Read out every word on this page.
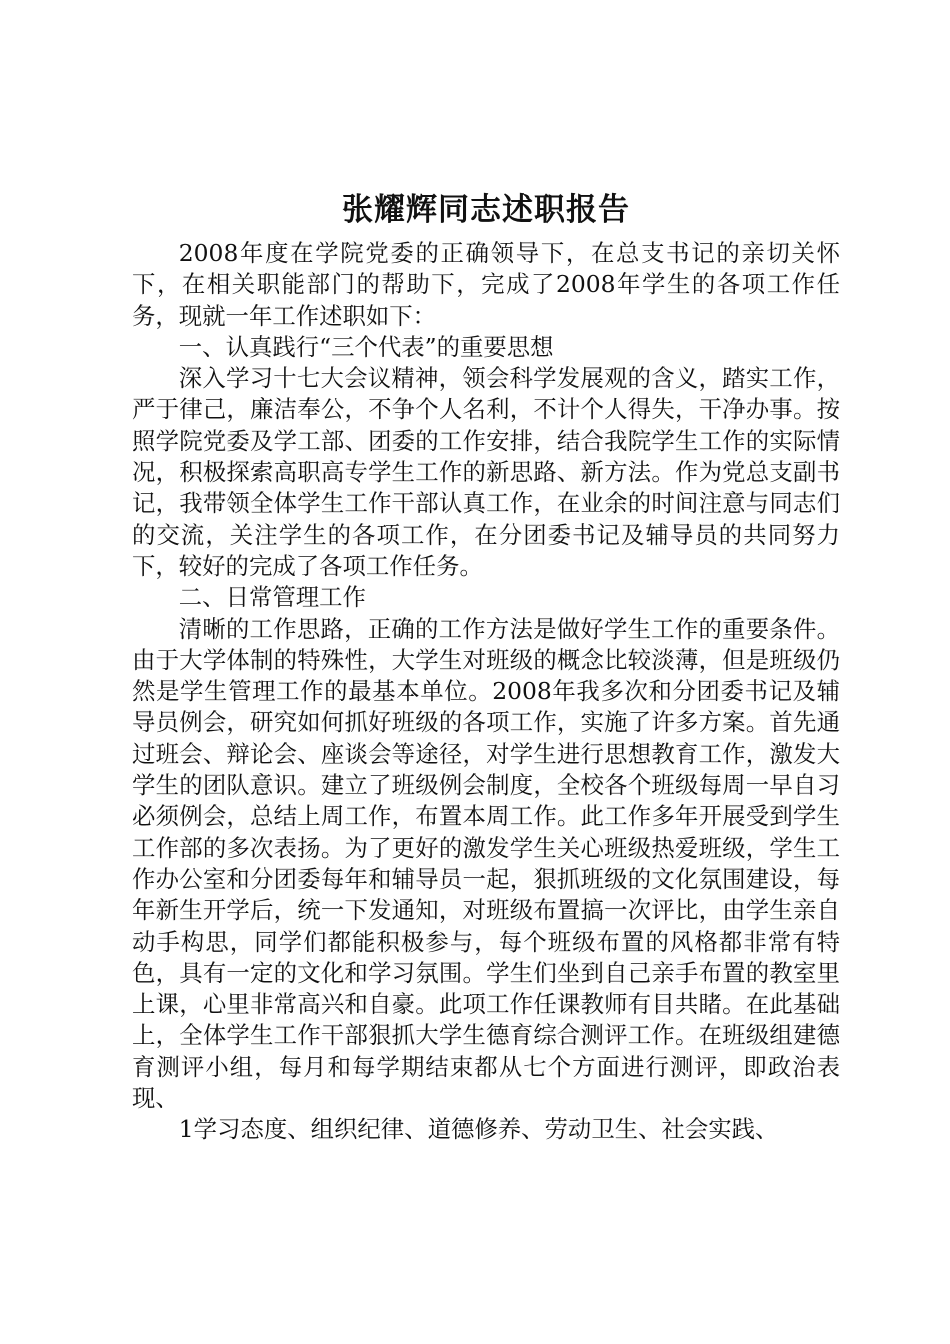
张耀辉同志述职报告

2008年度在学院党委的正确领导下，在总支书记的亲切关怀下，在相关职能部门的帮助下，完成了2008年学生的各项工作任务，现就一年工作述职如下：

一、认真践行“三个代表”的重要思想

深入学习十七大会议精神，领会科学发展观的含义，踏实工作，严于律己，廉洁奉公，不争个人名利，不计个人得失，干净办事。按照学院党委及学工部、团委的工作安排，结合我院学生工作的实际情况，积极探索高职高专学生工作的新思路、新方法。作为党总支副书记，我带领全体学生工作干部认真工作，在业余的时间注意与同志们的交流，关注学生的各项工作，在分团委书记及辅导员的共同努力下，较好的完成了各项工作任务。

二、日常管理工作

清晰的工作思路，正确的工作方法是做好学生工作的重要条件。由于大学体制的特殊性，大学生对班级的概念比较淡薄，但是班级仍然是学生管理工作的最基本单位。2008年我多次和分团委书记及辅导员例会，研究如何抓好班级的各项工作，实施了许多方案。首先通过班会、辩论会、座谈会等途径，对学生进行思想教育工作，激发大学生的团队意识。建立了班级例会制度，全校各个班级每周一早自习必须例会，总结上周工作，布置本周工作。此工作多年开展受到学生工作部的多次表扬。为了更好的激发学生关心班级热爱班级，学生工作办公室和分团委每年和辅导员一起，狠抓班级的文化氛围建设，每年新生开学后，统一下发通知，对班级布置搞一次评比，由学生亲自动手构思，同学们都能积极参与，每个班级布置的风格都非常有特色，具有一定的文化和学习氛围。学生们坐到自己亲手布置的教室里上课，心里非常高兴和自豪。此项工作任课教师有目共睹。在此基础上，全体学生工作干部狠抓大学生德育综合测评工作。在班级组建德育测评小组，每月和每学期结束都从七个方面进行测评，即政治表现、

1学习态度、组织纪律、道德修养、劳动卫生、社会实践、
